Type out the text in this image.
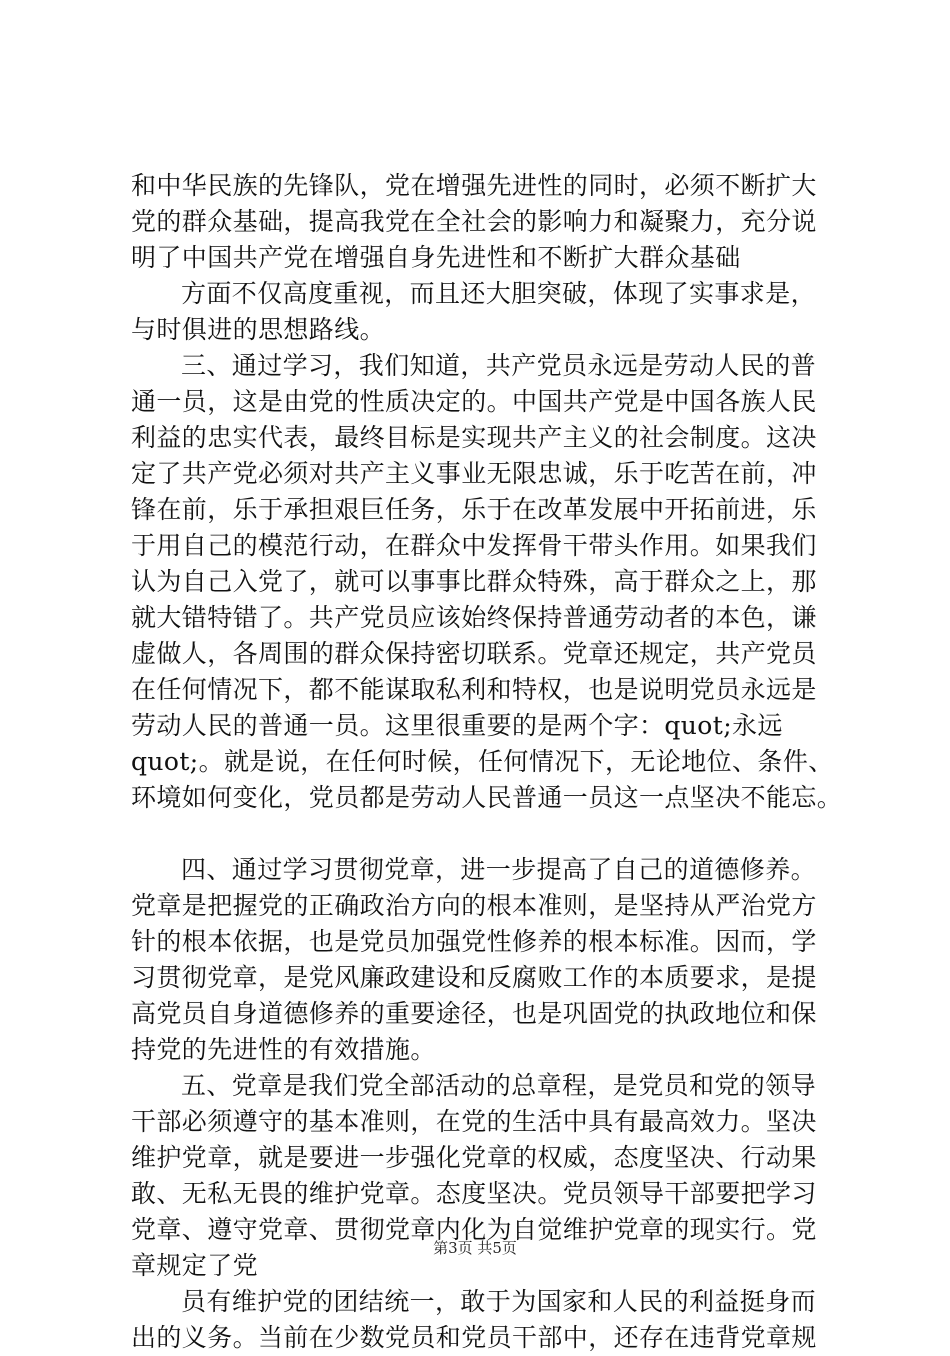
和中华民族的先锋队，党在增强先进性的同时，必须不断扩大
党的群众基础，提高我党在全社会的影响力和凝聚力，充分说
明了中国共产党在增强自身先进性和不断扩大群众基础
方面不仅高度重视，而且还大胆突破，体现了实事求是，
与时俱进的思想路线。
三、通过学习，我们知道，共产党员永远是劳动人民的普
通一员，这是由党的性质决定的。中国共产党是中国各族人民
利益的忠实代表，最终目标是实现共产主义的社会制度。这决
定了共产党必须对共产主义事业无限忠诚，乐于吃苦在前，冲
锋在前，乐于承担艰巨任务，乐于在改革发展中开拓前进，乐
于用自己的模范行动，在群众中发挥骨干带头作用。如果我们
认为自己入党了，就可以事事比群众特殊，高于群众之上，那
就大错特错了。共产党员应该始终保持普通劳动者的本色，谦
虚做人，各周围的群众保持密切联系。党章还规定，共产党员
在任何情况下，都不能谋取私利和特权，也是说明党员永远是
劳动人民的普通一员。这里很重要的是两个字：quot;永远
quot;。就是说，在任何时候，任何情况下，无论地位、条件、
环境如何变化，党员都是劳动人民普通一员这一点坚决不能忘。
四、通过学习贯彻党章，进一步提高了自己的道德修养。
党章是把握党的正确政治方向的根本准则，是坚持从严治党方
针的根本依据，也是党员加强党性修养的根本标准。因而，学
习贯彻党章，是党风廉政建设和反腐败工作的本质要求，是提
高党员自身道德修养的重要途径，也是巩固党的执政地位和保
持党的先进性的有效措施。
五、党章是我们党全部活动的总章程，是党员和党的领导
干部必须遵守的基本准则，在党的生活中具有最高效力。坚决
维护党章，就是要进一步强化党章的权威，态度坚决、行动果
敢、无私无畏的维护党章。态度坚决。党员领导干部要把学习
党章、遵守党章、贯彻党章内化为自觉维护党章的现实行。党
章规定了党
员有维护党的团结统一，敢于为国家和人民的利益挺身而
出的义务。当前在少数党员和党员干部中，还存在违背党章规
第3页 共5页
